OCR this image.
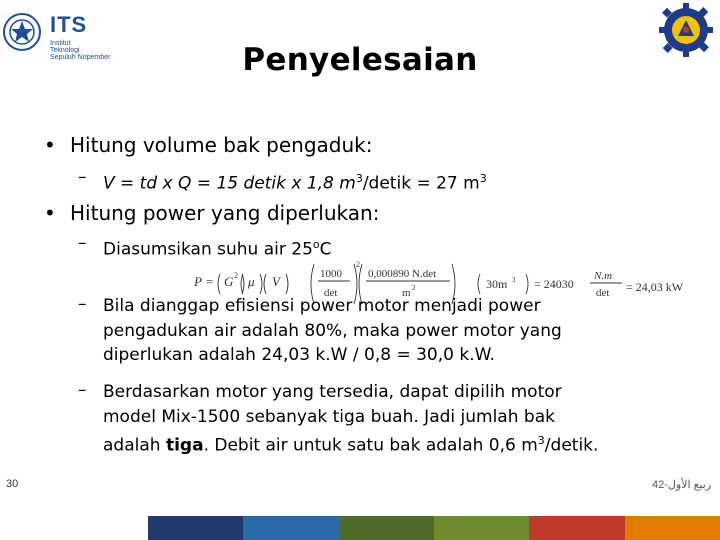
ITS
Institut
Teknologi
Sepuluh Nopember	Penyelesaian
• Hitung volume bak pengaduk:
– V = td x Q = 15 detik x 1,8 $m^3$/detik = 27 $m^3$
• Hitung power yang diperlukan:
– Diasumsikan suhu air 25$^o$C
P = G 2 μ V	1000
det
2
0,000890 N.det
m 2	30m 3 = 24030
N.m
det = 24,03 kW
– Bila dianggap efisiensi power motor menjadi power
pengadukan air adalah 80%, maka power motor yang
diperlukan adalah 24,03 k.W / 0,8 = 30,0 k.W.
– Berdasarkan motor yang tersedia, dapat dipilih motor
model Mix-1500 sebanyak tiga buah. Jadi jumlah bak
adalah tiga. Debit air untuk satu bak adalah 0,6 $m^3$/detik.
30	42-ربيع الأول
